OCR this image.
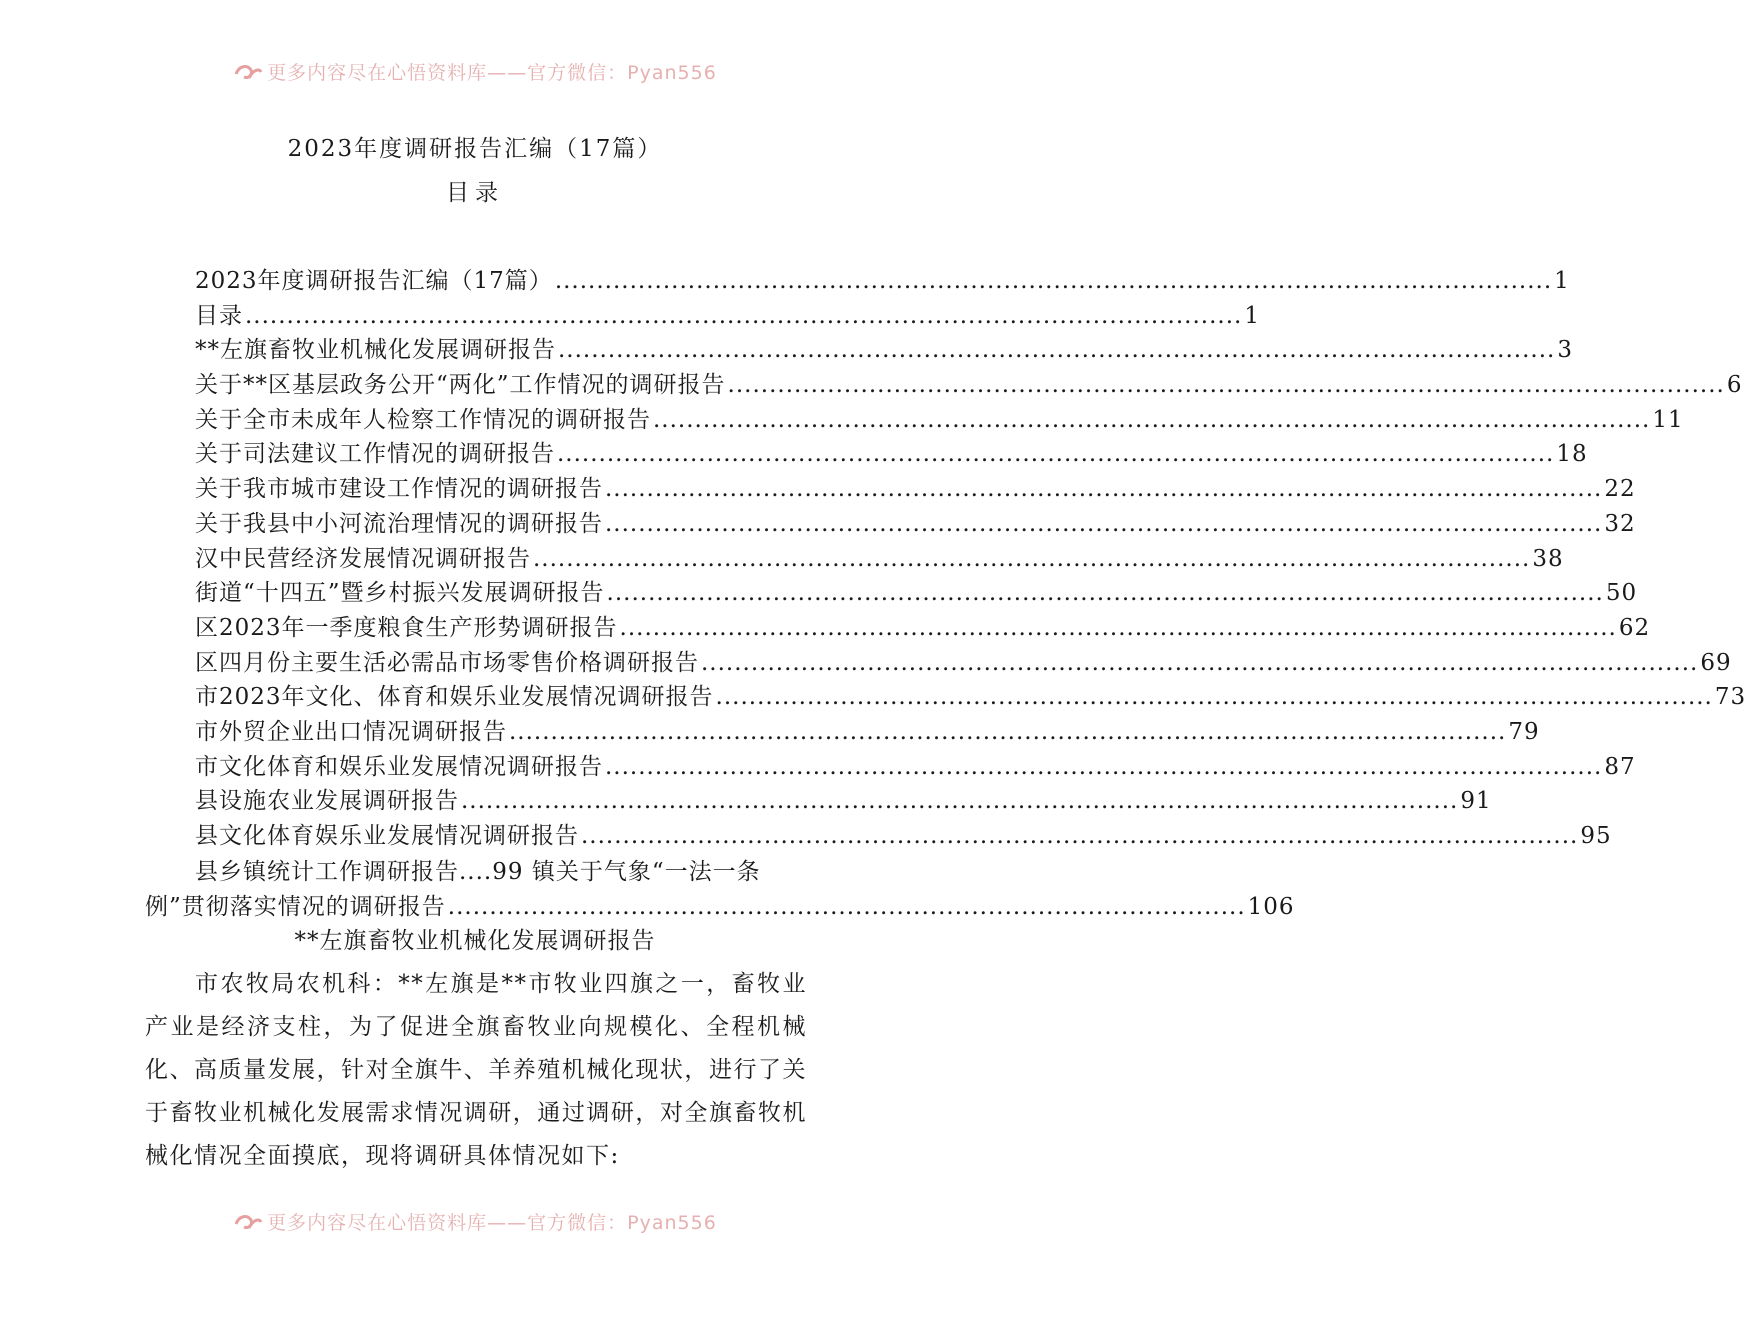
更多内容尽在心悟资料库——官方微信：Pyan556
2023年度调研报告汇编（17篇）
目录
2023年度调研报告汇编（17篇） ........................................................................................................................ 1
目录 ........................................................................................................................ 1
**左旗畜牧业机械化发展调研报告 ........................................................................................................................ 3
关于**区基层政务公开“两化”工作情况的调研报告 ........................................................................................................................ 6
关于全市未成年人检察工作情况的调研报告 ........................................................................................................................ 11
关于司法建议工作情况的调研报告 ........................................................................................................................ 18
关于我市城市建设工作情况的调研报告 ........................................................................................................................ 22
关于我县中小河流治理情况的调研报告 ........................................................................................................................ 32
汉中民营经济发展情况调研报告 ........................................................................................................................ 38
街道“十四五”暨乡村振兴发展调研报告 ........................................................................................................................ 50
区2023年一季度粮食生产形势调研报告 ........................................................................................................................ 62
区四月份主要生活必需品市场零售价格调研报告 ........................................................................................................................ 69
市2023年文化、体育和娱乐业发展情况调研报告 ........................................................................................................................ 73
市外贸企业出口情况调研报告 ........................................................................................................................ 79
市文化体育和娱乐业发展情况调研报告 ........................................................................................................................ 87
县设施农业发展调研报告 ........................................................................................................................ 91
县文化体育娱乐业发展情况调研报告 ........................................................................................................................ 95
县乡镇统计工作调研报告....99 镇关于气象“一法一条
例”贯彻落实情况的调研报告 ................................................................................................ 106
**左旗畜牧业机械化发展调研报告

市农牧局农机科：**左旗是**市牧业四旗之一，畜牧业产业是经济支柱，为了促进全旗畜牧业向规模化、全程机械化、高质量发展，针对全旗牛、羊养殖机械化现状，进行了关于畜牧业机械化发展需求情况调研，通过调研，对全旗畜牧机械化情况全面摸底，现将调研具体情况如下:

更多内容尽在心悟资料库——官方微信：Pyan556
